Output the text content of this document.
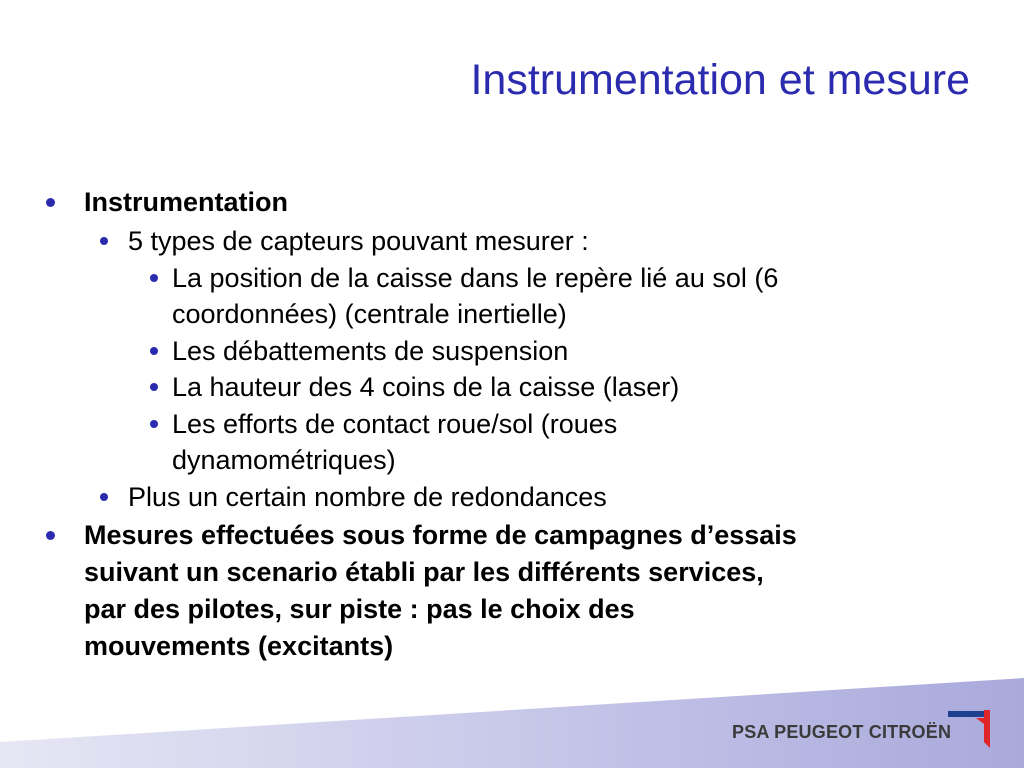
Instrumentation et mesure
Instrumentation
5 types de capteurs pouvant mesurer :
La position de la caisse dans le repère lié au sol (6
coordonnées) (centrale inertielle)
Les débattements de suspension
La hauteur des 4 coins de la caisse (laser)
Les efforts de contact roue/sol (roues
dynamométriques)
Plus un certain nombre de redondances
Mesures effectuées sous forme de campagnes d’essais
suivant un scenario établi par les différents services,
par des pilotes, sur piste : pas le choix des
mouvements (excitants)
PSA PEUGEOT CITROËN
